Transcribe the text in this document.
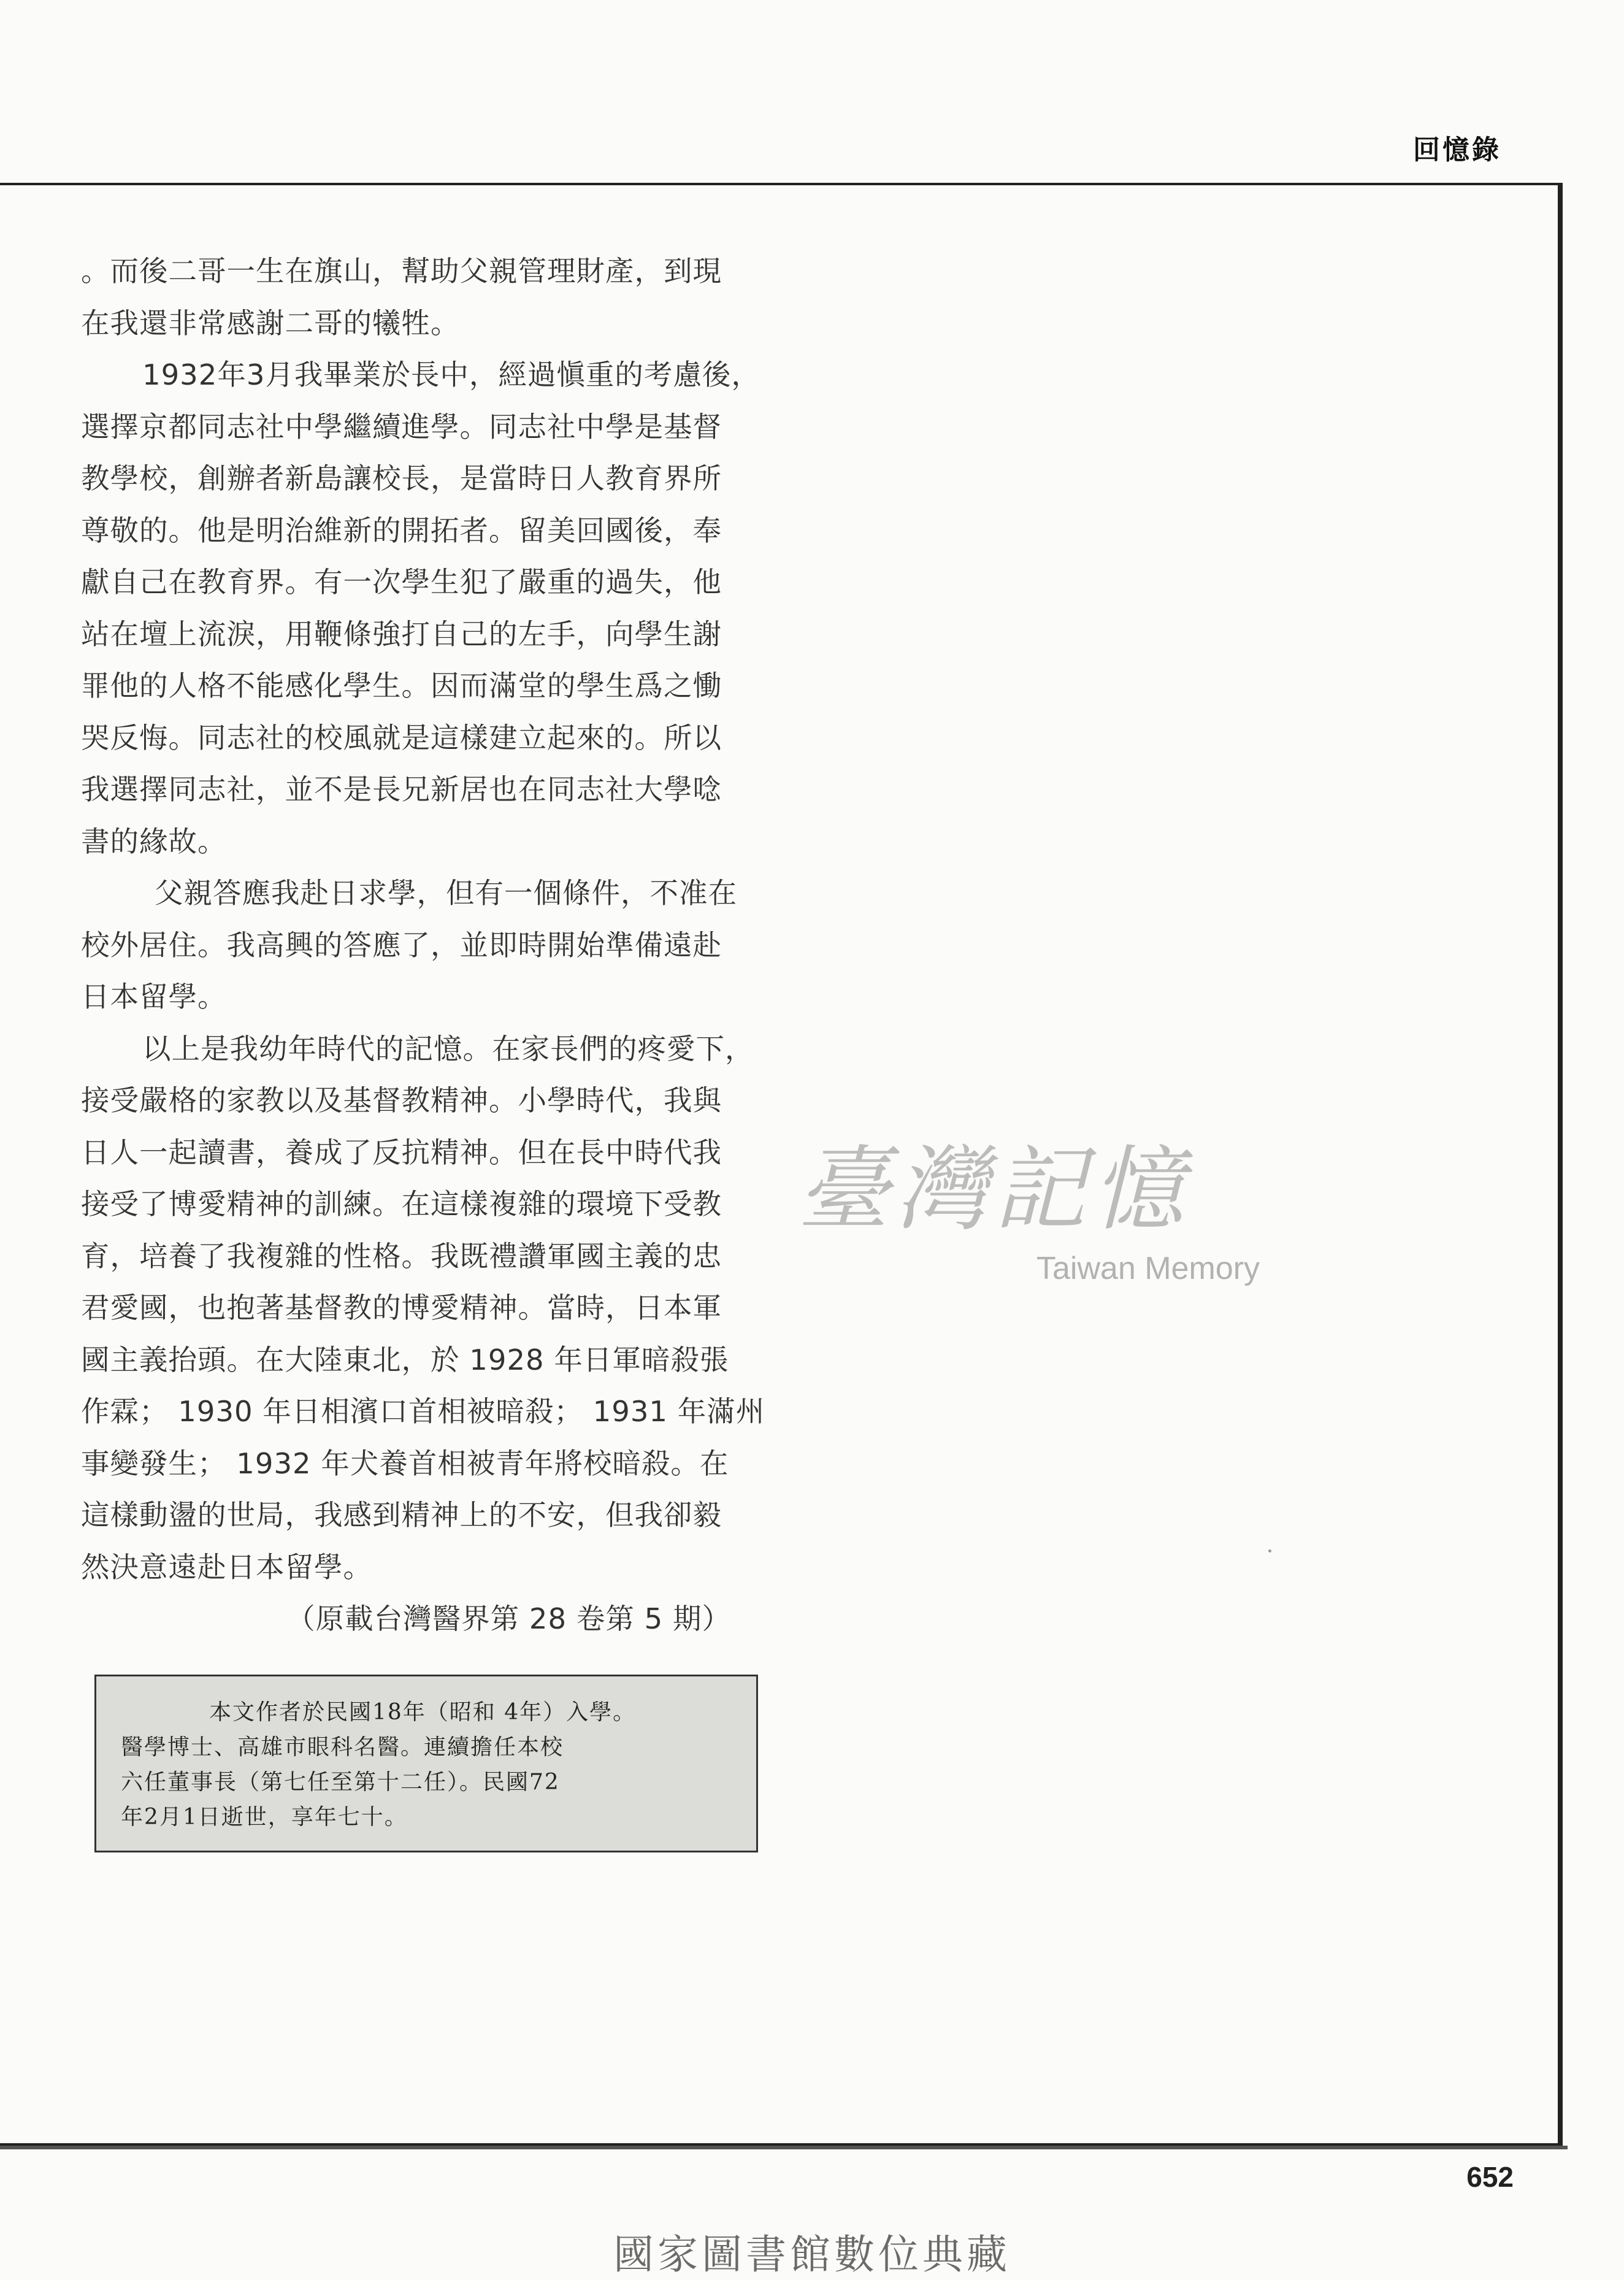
回憶錄
。而後二哥一生在旗山，幫助父親管理財產，到現
在我還非常感謝二哥的犧牲。
1932年3月我畢業於長中，經過愼重的考慮後，
選擇京都同志社中學繼續進學。同志社中學是基督
教學校，創辦者新島讓校長，是當時日人教育界所
尊敬的。他是明治維新的開拓者。留美回國後，奉
獻自己在教育界。有一次學生犯了嚴重的過失，他
站在壇上流淚，用鞭條強打自己的左手，向學生謝
罪他的人格不能感化學生。因而滿堂的學生爲之慟
哭反悔。同志社的校風就是這樣建立起來的。所以
我選擇同志社，並不是長兄新居也在同志社大學唸
書的緣故。
父親答應我赴日求學，但有一個條件，不准在
校外居住。我高興的答應了，並即時開始準備遠赴
日本留學。
以上是我幼年時代的記憶。在家長們的疼愛下，
接受嚴格的家教以及基督教精神。小學時代，我與
日人一起讀書，養成了反抗精神。但在長中時代我
接受了博愛精神的訓練。在這樣複雜的環境下受教
育，培養了我複雜的性格。我既禮讚軍國主義的忠
君愛國，也抱著基督教的博愛精神。當時，日本軍
國主義抬頭。在大陸東北，於 1928 年日軍暗殺張
作霖； 1930 年日相濱口首相被暗殺； 1931 年滿州
事變發生； 1932 年犬養首相被青年將校暗殺。在
這樣動盪的世局，我感到精神上的不安，但我卻毅
然決意遠赴日本留學。
（原載台灣醫界第 28 卷第 5 期）
本文作者於民國18年（昭和 4年）入學。
醫學博士、高雄市眼科名醫。連續擔任本校
六任董事長（第七任至第十二任）。民國72
年2月1日逝世，享年七十。
臺灣記憶
Taiwan Memory
652
國家圖書館數位典藏
